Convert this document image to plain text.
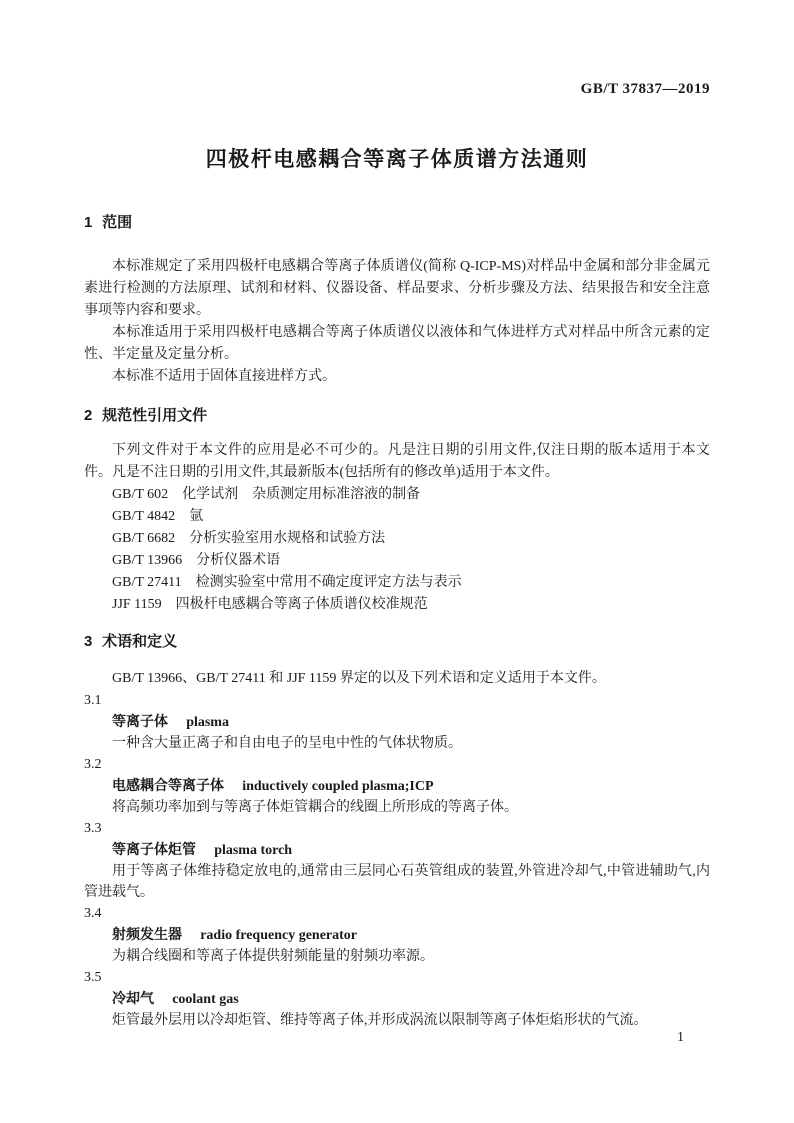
GB/T 37837—2019
四极杆电感耦合等离子体质谱方法通则
1 范围

本标准规定了采用四极杆电感耦合等离子体质谱仪(简称 Q-ICP-MS)对样品中金属和部分非金属元素进行检测的方法原理、试剂和材料、仪器设备、样品要求、分析步骤及方法、结果报告和安全注意事项等内容和要求。

本标准适用于采用四极杆电感耦合等离子体质谱仪以液体和气体进样方式对样品中所含元素的定性、半定量及定量分析。

本标准不适用于固体直接进样方式。

2 规范性引用文件

下列文件对于本文件的应用是必不可少的。凡是注日期的引用文件,仅注日期的版本适用于本文件。凡是不注日期的引用文件,其最新版本(包括所有的修改单)适用于本文件。

GB/T 602　化学试剂　杂质测定用标准溶液的制备

GB/T 4842　氩

GB/T 6682　分析实验室用水规格和试验方法

GB/T 13966　分析仪器术语

GB/T 27411　检测实验室中常用不确定度评定方法与表示

JJF 1159　四极杆电感耦合等离子体质谱仪校准规范

3 术语和定义

GB/T 13966、GB/T 27411 和 JJF 1159 界定的以及下列术语和定义适用于本文件。

3.1
等离子体 plasma

一种含大量正离子和自由电子的呈电中性的气体状物质。

3.2
电感耦合等离子体 inductively coupled plasma;ICP

将高频功率加到与等离子体炬管耦合的线圈上所形成的等离子体。

3.3
等离子体炬管 plasma torch

用于等离子体维持稳定放电的,通常由三层同心石英管组成的装置,外管进冷却气,中管进辅助气,内管进载气。

3.4
射频发生器 radio frequency generator

为耦合线圈和等离子体提供射频能量的射频功率源。

3.5
冷却气 coolant gas

炬管最外层用以冷却炬管、维持等离子体,并形成涡流以限制等离子体炬焰形状的气流。

1
